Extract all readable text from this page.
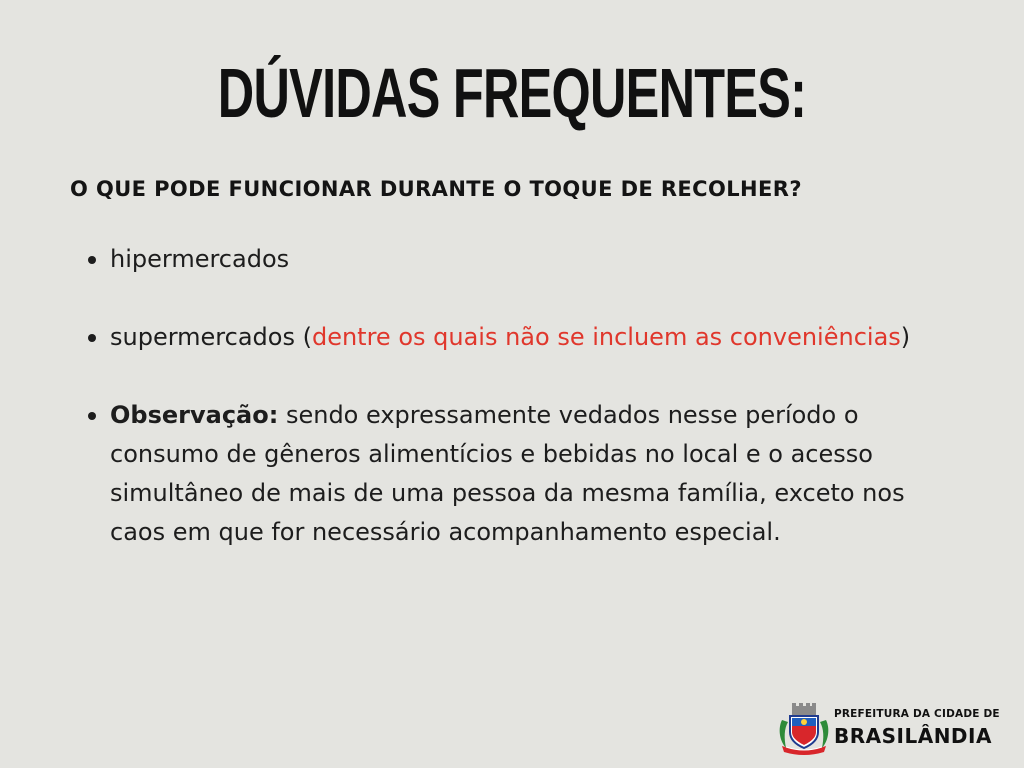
DÚVIDAS FREQUENTES:
O QUE PODE FUNCIONAR DURANTE O TOQUE DE RECOLHER?
hipermercados
supermercados (dentre os quais não se incluem as conveniências)
Observação: sendo expressamente vedados nesse período o consumo de gêneros alimentícios e bebidas no local e o acesso simultâneo de mais de uma pessoa da mesma família, exceto nos caos em que for necessário acompanhamento especial.
PREFEITURA DA CIDADE DE
BRASILÂNDIA
